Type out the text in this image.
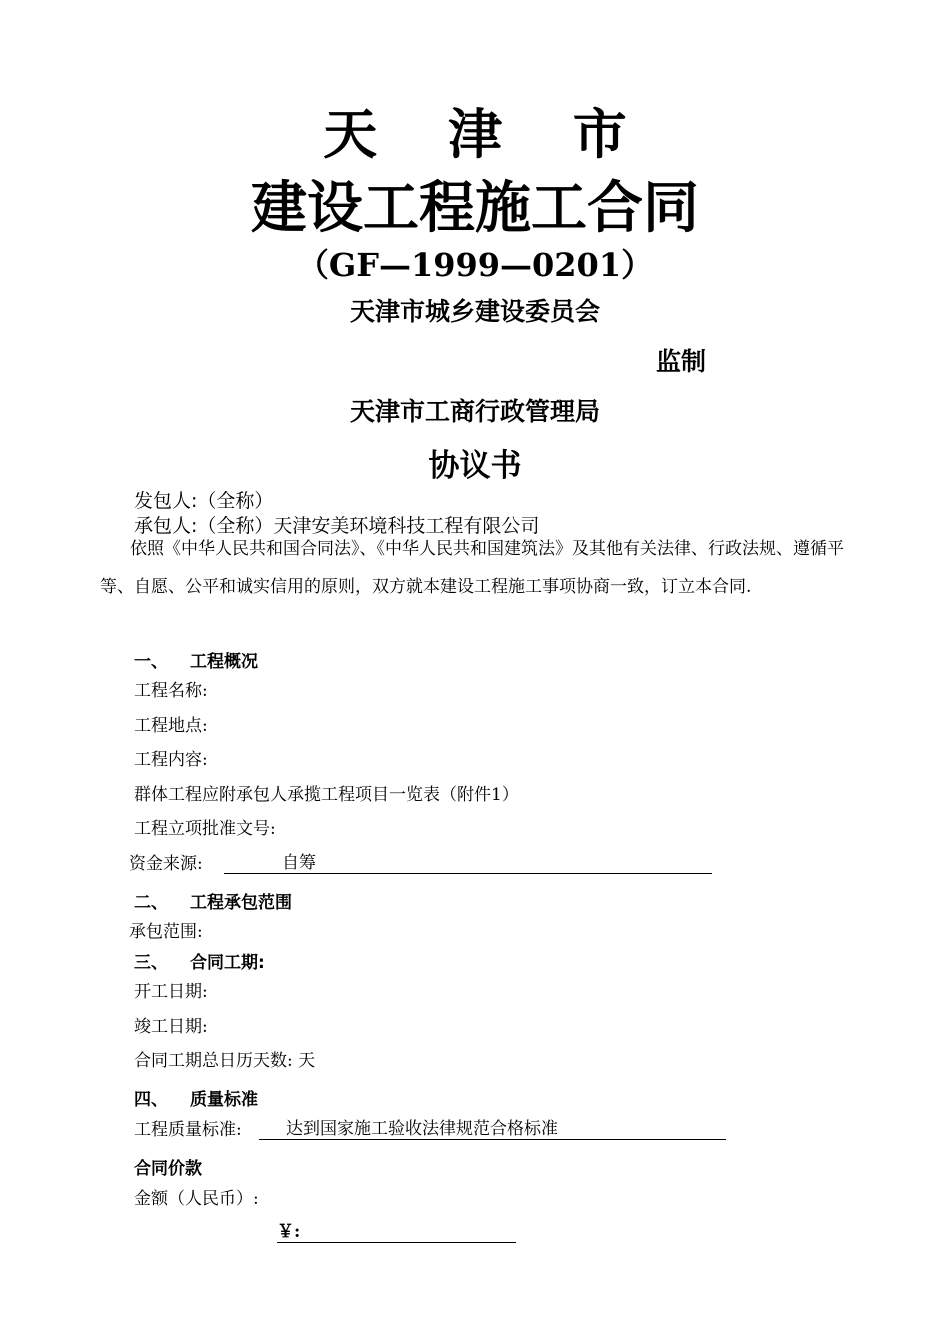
天 津 市
建设工程施工合同
（GF—1999—0201）
天津市城乡建设委员会
监制
天津市工商行政管理局
协议书
发包人:（全称）
承包人:（全称）天津安美环境科技工程有限公司
依照《中华人民共和国合同法》、《中华人民共和国建筑法》及其他有关法律、行政法规、遵循平等、自愿、公平和诚实信用的原则，双方就本建设工程施工事项协商一致，订立本合同.
一、 工程概况
工程名称:
工程地点:
工程内容:
群体工程应附承包人承揽工程项目一览表（附件1）
工程立项批准文号:
资金来源:	自筹
二、 工程承包范围
承包范围:
三、 合同工期:
开工日期:
竣工日期:
合同工期总日历天数: 天
四、 质量标准
工程质量标准:	达到国家施工验收法律规范合格标准
合同价款
金额（人民币）:
￥:
